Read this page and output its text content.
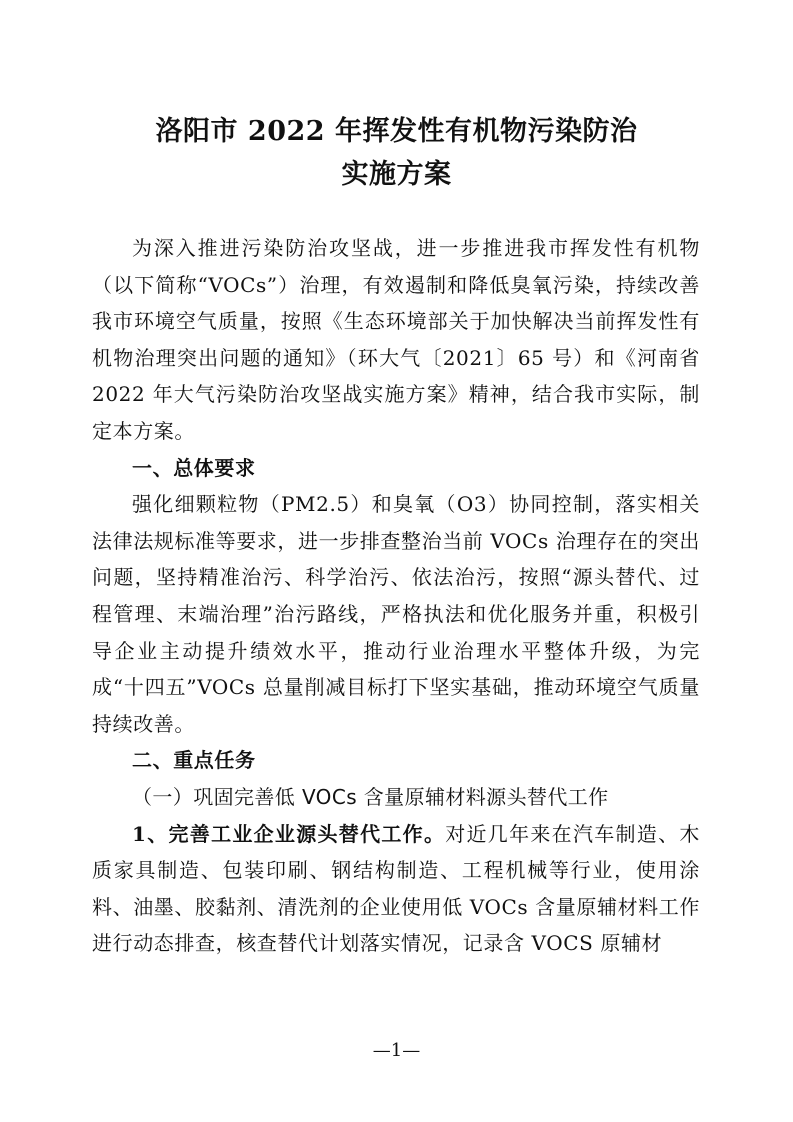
洛阳市 2022 年挥发性有机物污染防治
实施方案

为深入推进污染防治攻坚战，进一步推进我市挥发性有机物（以下简称“VOCs”）治理，有效遏制和降低臭氧污染，持续改善我市环境空气质量，按照《生态环境部关于加快解决当前挥发性有机物治理突出问题的通知》（环大气〔2021〕65 号）和《河南省 2022 年大气污染防治攻坚战实施方案》精神，结合我市实际，制定本方案。

一、总体要求

强化细颗粒物（PM2.5）和臭氧（O3）协同控制，落实相关法律法规标准等要求，进一步排查整治当前 VOCs 治理存在的突出问题，坚持精准治污、科学治污、依法治污，按照“源头替代、过程管理、末端治理”治污路线，严格执法和优化服务并重，积极引导企业主动提升绩效水平，推动行业治理水平整体升级，为完成“十四五”VOCs 总量削减目标打下坚实基础，推动环境空气质量持续改善。

二、重点任务

（一）巩固完善低 VOCs 含量原辅材料源头替代工作

1、完善工业企业源头替代工作。对近几年来在汽车制造、木质家具制造、包装印刷、钢结构制造、工程机械等行业，使用涂料、油墨、胶黏剂、清洗剂的企业使用低 VOCs 含量原辅材料工作进行动态排查，核查替代计划落实情况，记录含 VOCS 原辅材

—1—
